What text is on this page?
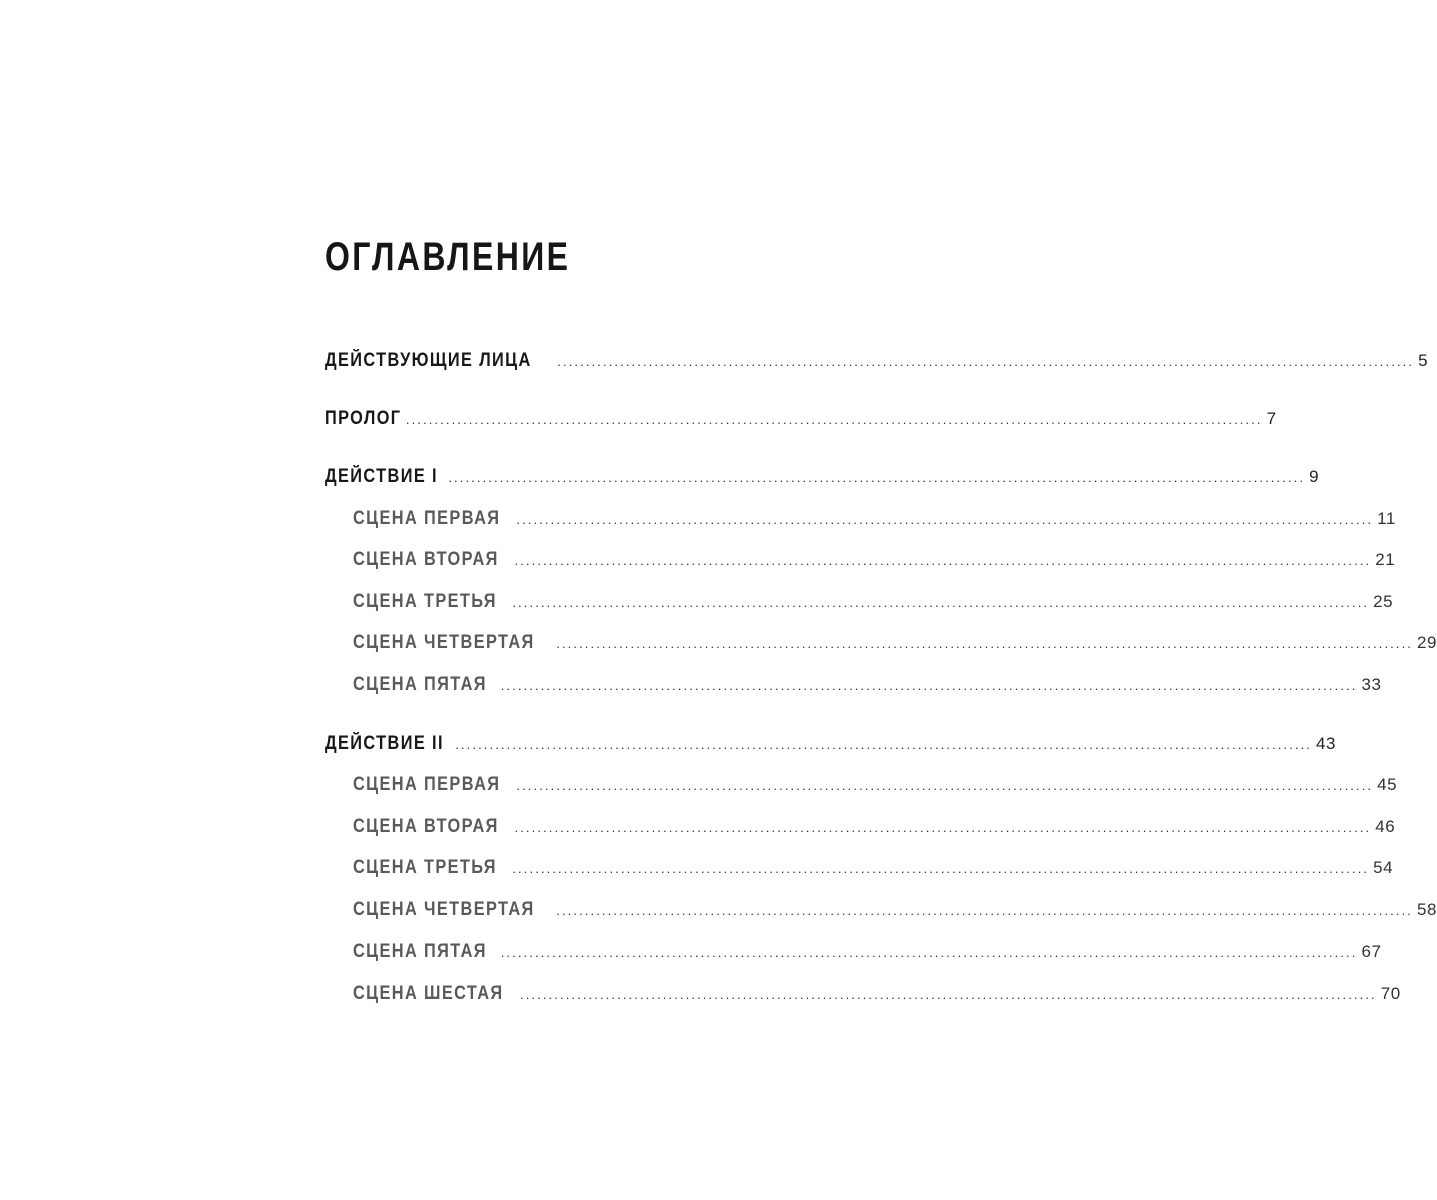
ОГЛАВЛЕНИЕ
ДЕЙСТВУЮЩИЕ ЛИЦА ...................................................................................................................................................... 5
ПРОЛОГ ...................................................................................................................................................... 7
ДЕЙСТВИЕ I ...................................................................................................................................................... 9
СЦЕНА ПЕРВАЯ ...................................................................................................................................................... 11
СЦЕНА ВТОРАЯ ...................................................................................................................................................... 21
СЦЕНА ТРЕТЬЯ ...................................................................................................................................................... 25
СЦЕНА ЧЕТВЕРТАЯ ...................................................................................................................................................... 29
СЦЕНА ПЯТАЯ ...................................................................................................................................................... 33
ДЕЙСТВИЕ II ...................................................................................................................................................... 43
СЦЕНА ПЕРВАЯ ...................................................................................................................................................... 45
СЦЕНА ВТОРАЯ ...................................................................................................................................................... 46
СЦЕНА ТРЕТЬЯ ...................................................................................................................................................... 54
СЦЕНА ЧЕТВЕРТАЯ ...................................................................................................................................................... 58
СЦЕНА ПЯТАЯ ...................................................................................................................................................... 67
СЦЕНА ШЕСТАЯ ...................................................................................................................................................... 70
